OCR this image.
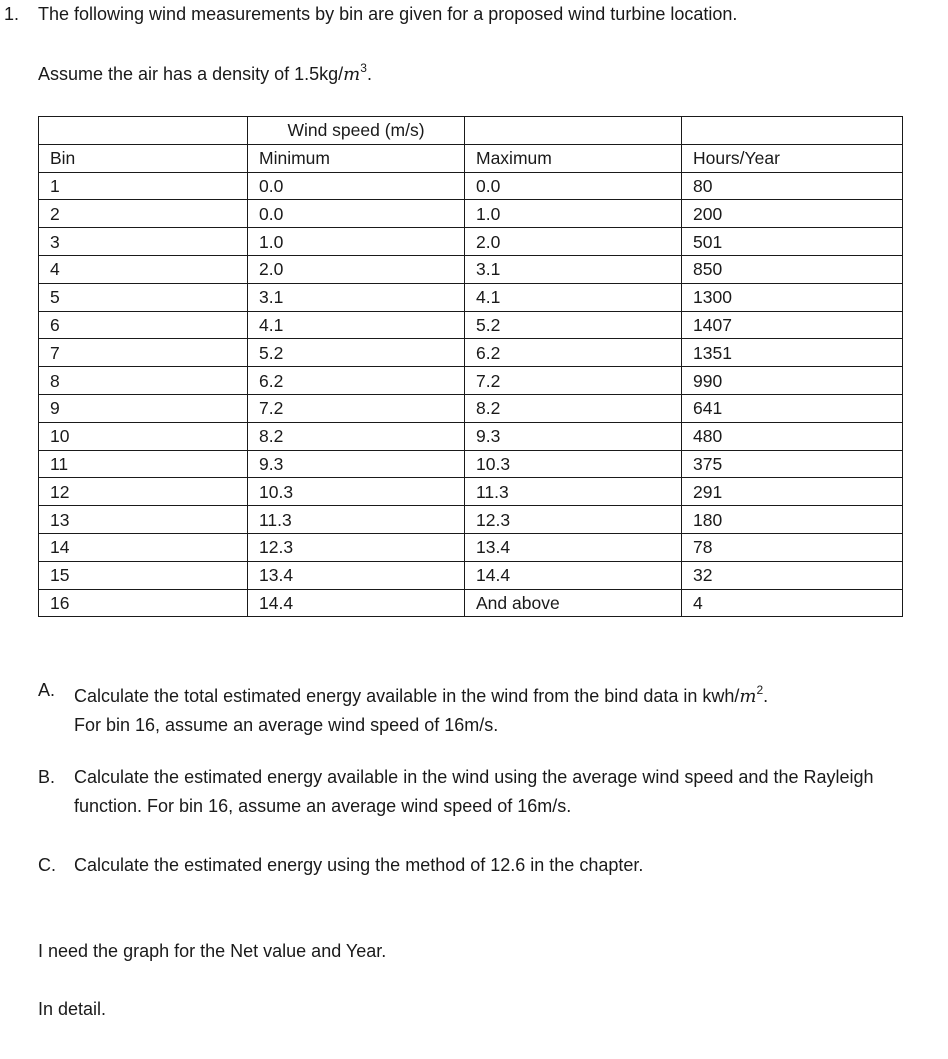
1. The following wind measurements by bin are given for a proposed wind turbine location.
Assume the air has a density of $1.5kg/m^3$.
	Wind speed (m/s)		
Bin	Minimum	Maximum	Hours/Year
1	0.0	0.0	80
2	0.0	1.0	200
3	1.0	2.0	501
4	2.0	3.1	850
5	3.1	4.1	1300
6	4.1	5.2	1407
7	5.2	6.2	1351
8	6.2	7.2	990
9	7.2	8.2	641
10	8.2	9.3	480
11	9.3	10.3	375
12	10.3	11.3	291
13	11.3	12.3	180
14	12.3	13.4	78
15	13.4	14.4	32
16	14.4	And above	4
A. Calculate the total estimated energy available in the wind from the bind data in kwh/$m^2$.
For bin 16, assume an average wind speed of 16m/s.
B. Calculate the estimated energy available in the wind using the average wind speed and the Rayleigh function. For bin 16, assume an average wind speed of 16m/s.
C. Calculate the estimated energy using the method of 12.6 in the chapter.
I need the graph for the Net value and Year.
In detail.
